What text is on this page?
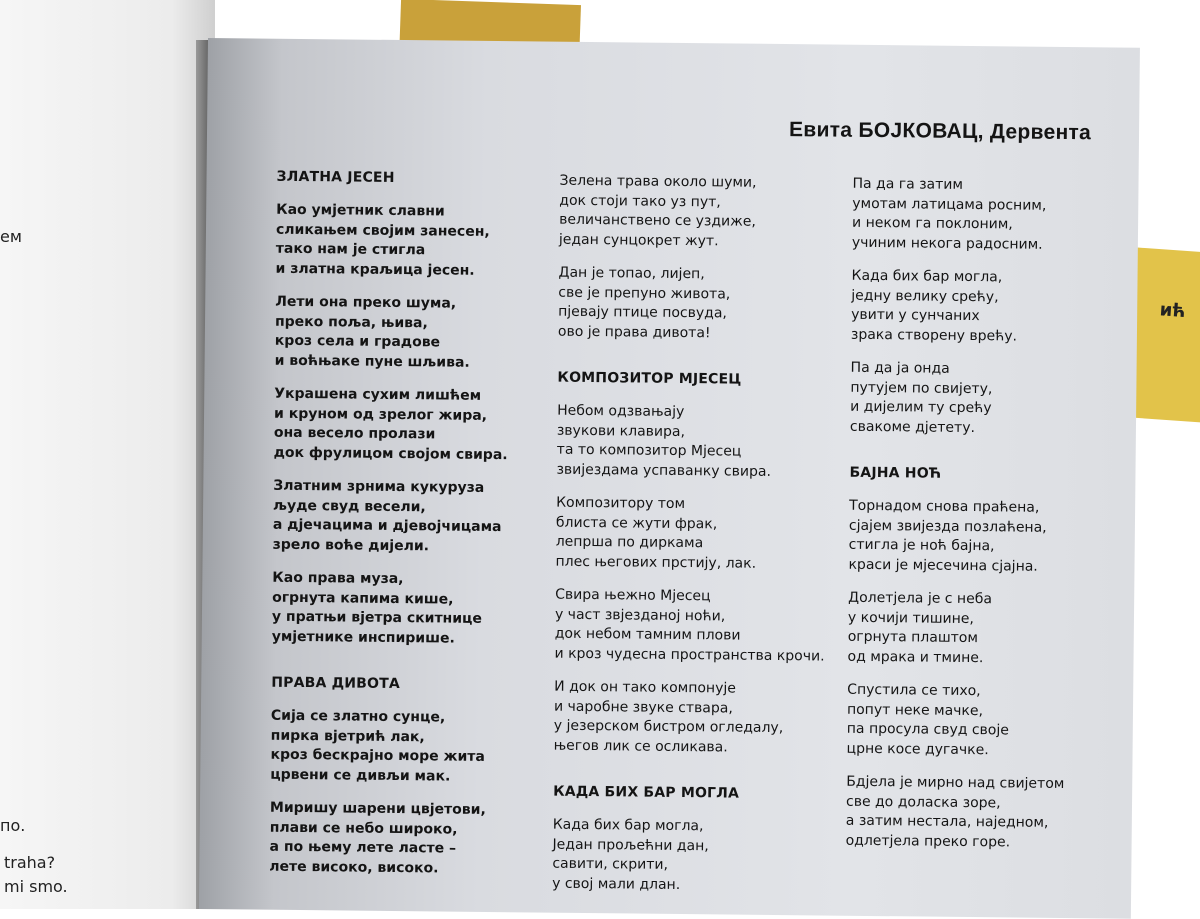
ић
ем
по.
traha?
mi smo.
Евита БОЈКОВАЦ, Дервента
ЗЛАТНА ЈЕСЕН
Као умјетник славни
сликањем својим занесен,
тако нам је стигла
и златна краљица јесен.
Лети она преко шума,
преко поља, њива,
кроз села и градове
и воћњаке пуне шљива.
Украшена сухим лишћем
и круном од зрелог жира,
она весело пролази
док фрулицом својом свира.
Златним зрнима кукуруза
људе свуд весели,
а дјечацима и дјевојчицама
зрело воће дијели.
Као права муза,
огрнута капима кише,
у пратњи вјетра скитнице
умјетнике инспирише.
ПРАВА ДИВОТА
Сија се златно сунце,
пирка вјетрић лак,
кроз бескрајно море жита
црвени се дивљи мак.
Миришу шарени цвјетови,
плави се небо широко,
а по њему лете ласте –
лете високо, високо.
Зелена трава около шуми,
док стоји тако уз пут,
величанствено се уздиже,
један сунцокрет жут.
Дан је топао, лијеп,
све је препуно живота,
пјевају птице посвуда,
ово је права дивота!
КОМПОЗИТОР МЈЕСЕЦ
Небом одзвањају
звукови клавира,
та то композитор Мјесец
звијездама успаванку свира.
Композитору том
блиста се жути фрак,
лепрша по диркама
плес његових прстију, лак.
Свира њежно Мјесец
у част звјезданој ноћи,
док небом тамним плови
и кроз чудесна пространства крочи.
И док он тако компонује
и чаробне звуке ствара,
у језерском бистром огледалу,
његов лик се осликава.
КАДА БИХ БАР МОГЛА
Када бих бар могла,
Један прољећни дан,
савити, скрити,
у свој мали длан.
Па да га затим
умотам латицама росним,
и неком га поклоним,
учиним некога радосним.
Када бих бар могла,
једну велику срећу,
увити у сунчаних
зрака створену врећу.
Па да ја онда
путујем по свијету,
и дијелим ту срећу
свакоме дјетету.
БАЈНА НОЋ
Торнадом снова праћена,
сјајем звијезда позлаћена,
стигла је ноћ бајна,
краси је мјесечина сјајна.
Долетјела је с неба
у кочији тишине,
огрнута плаштом
од мрака и тмине.
Спустила се тихо,
попут неке мачке,
па просула свуд своје
црне косе дугачке.
Бдјела је мирно над свијетом
све до доласка зоре,
а затим нестала, наједном,
одлетјела преко горе.
